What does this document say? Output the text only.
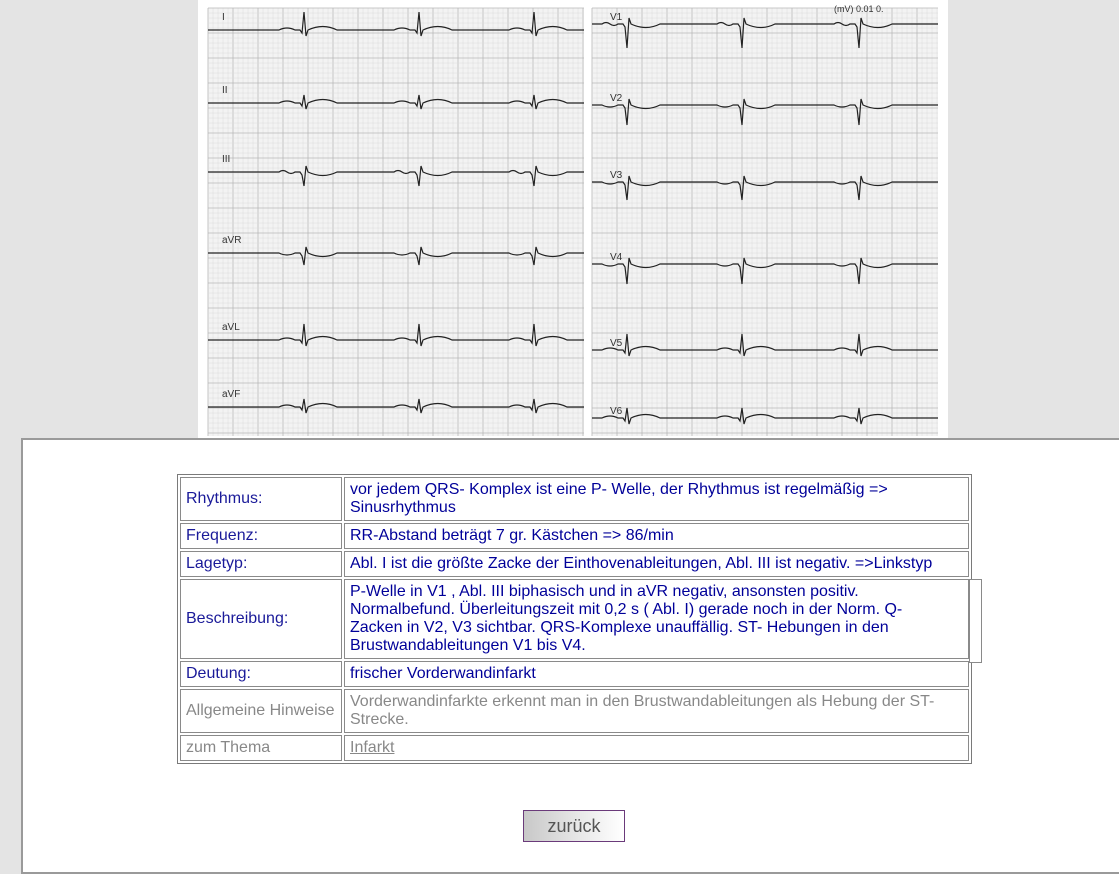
I
II
III
aVR
aVL
aVF
V1
V2
V3
V4
V5
V6
(mV) 0.01 0.
Rhythmus:	vor jedem QRS- Komplex ist eine P- Welle, der Rhythmus ist regelmäßig => Sinusrhythmus
Frequenz:	RR-Abstand beträgt 7 gr. Kästchen => 86/min
Lagetyp:	Abl. I ist die größte Zacke der Einthovenableitungen, Abl. III ist negativ. =>Linkstyp
Beschreibung:	P-Welle in V1 , Abl. III biphasisch und in aVR negativ, ansonsten positiv. Normalbefund. Überleitungszeit mit 0,2 s ( Abl. I) gerade noch in der Norm. Q-Zacken in V2, V3 sichtbar. QRS-Komplexe unauffällig. ST- Hebungen in den Brustwandableitungen V1 bis V4.

Deutung:	frischer Vorderwandinfarkt
Allgemeine Hinweise	Vorderwandinfarkte erkennt man in den Brustwandableitungen als Hebung der ST-Strecke.
zum Thema	Infarkt
zurück
